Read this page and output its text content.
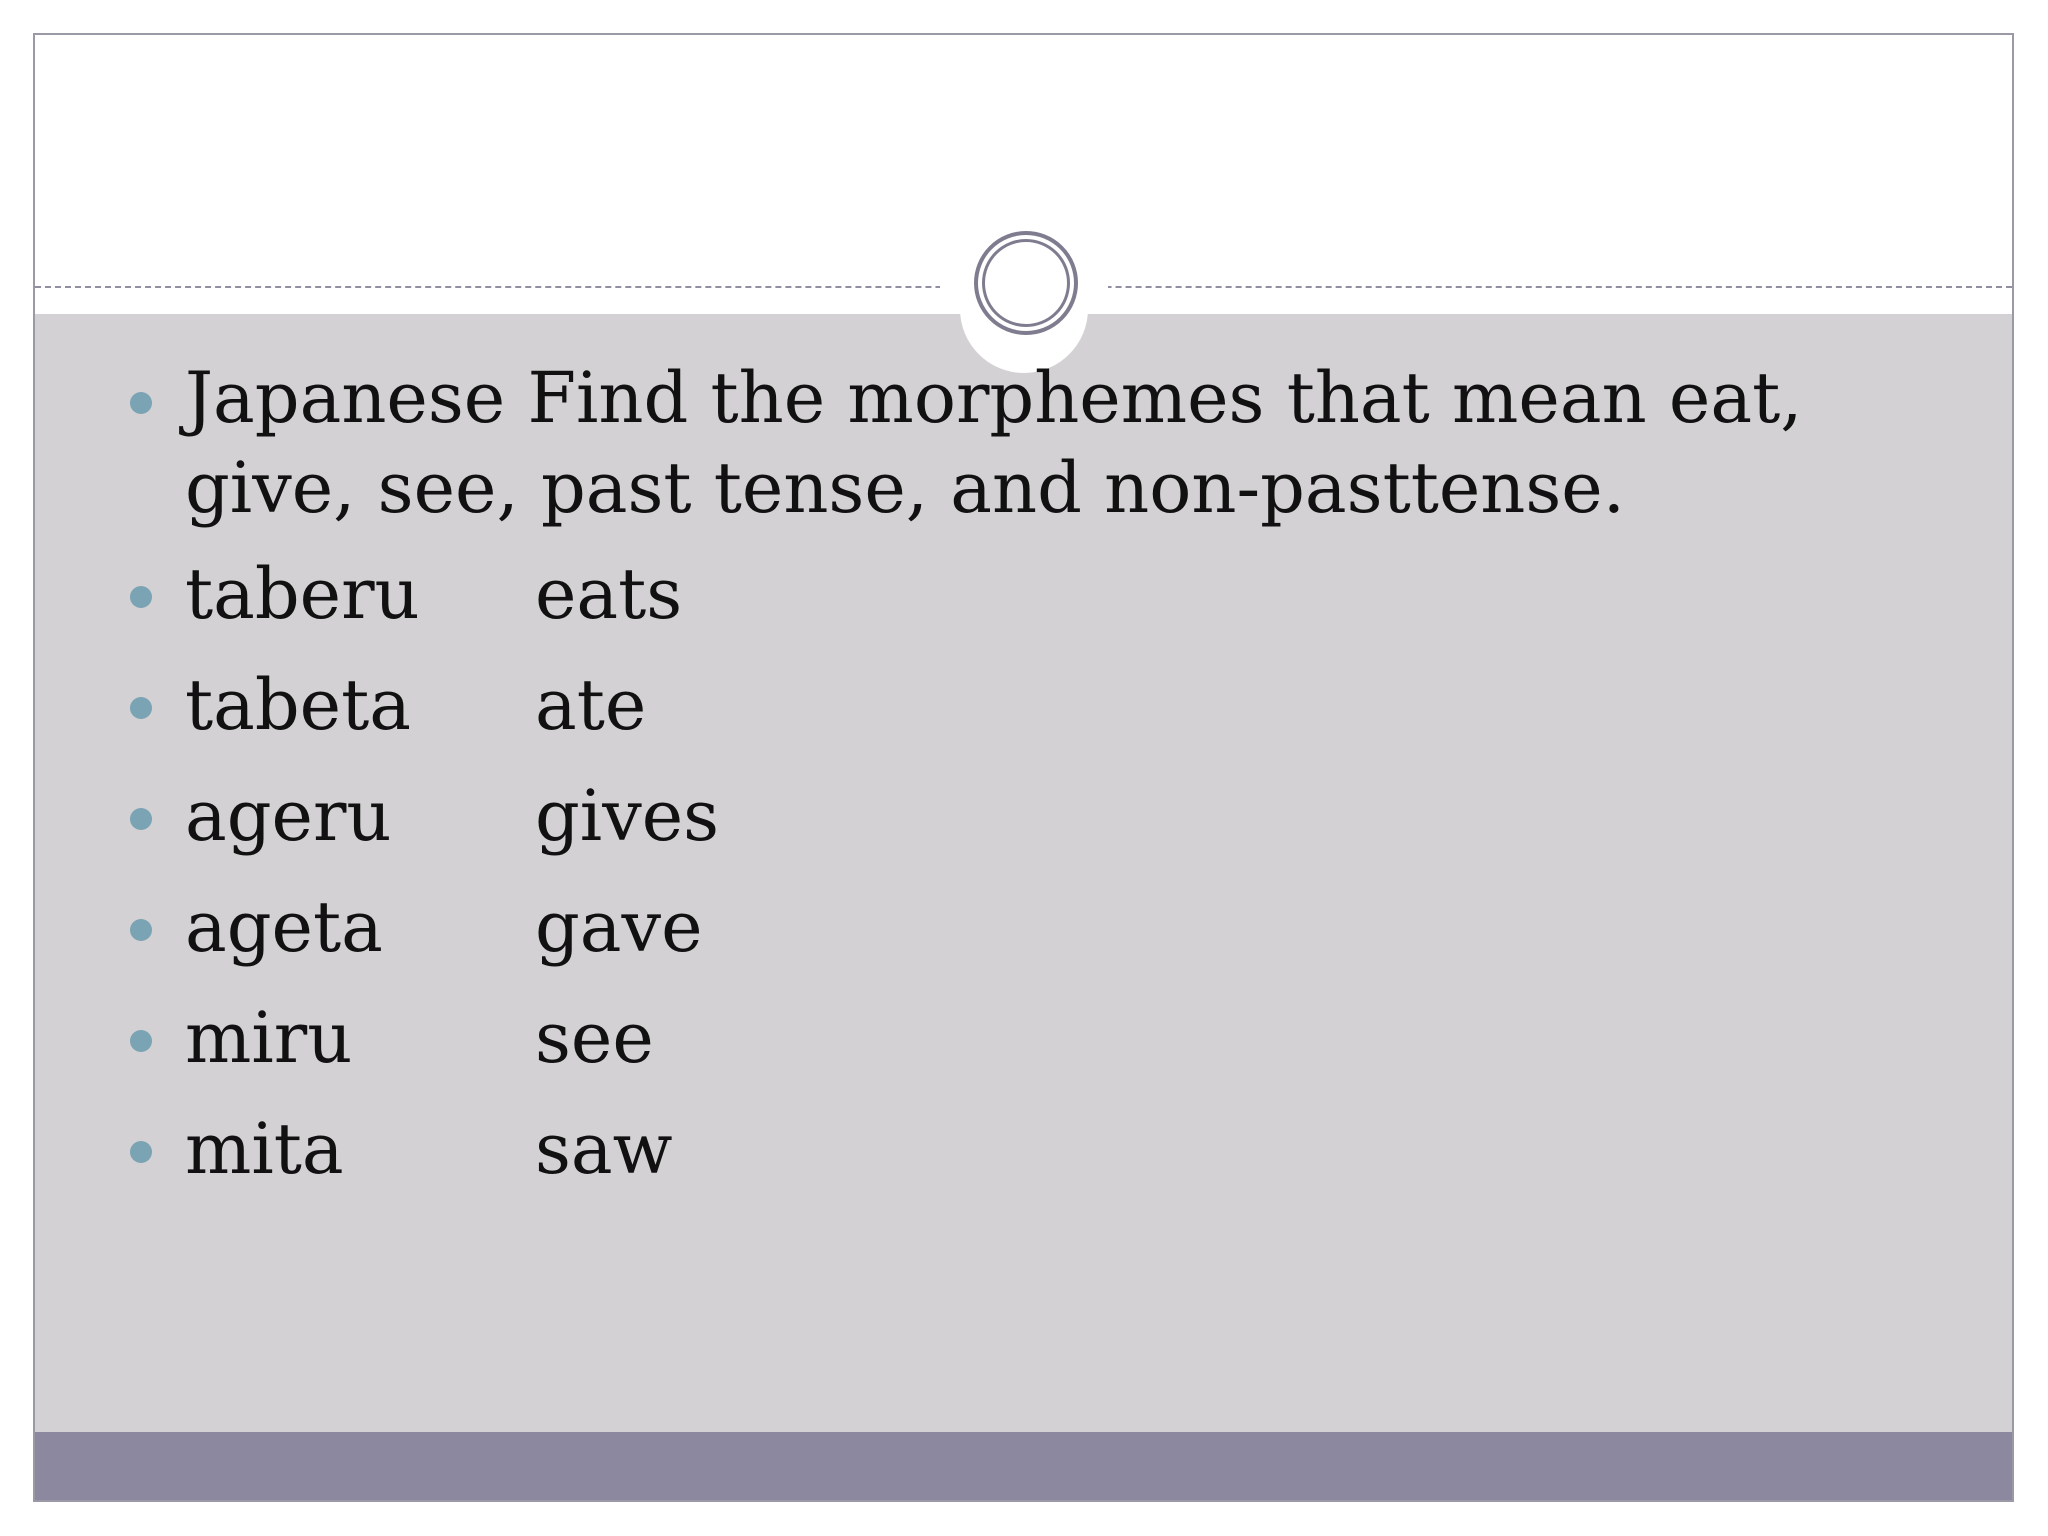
Japanese Find the morphemes that mean eat, give, see, past tense, and non-pasttense.
taberu eats
tabeta ate
ageru gives
ageta gave
miru	see
mita	saw
